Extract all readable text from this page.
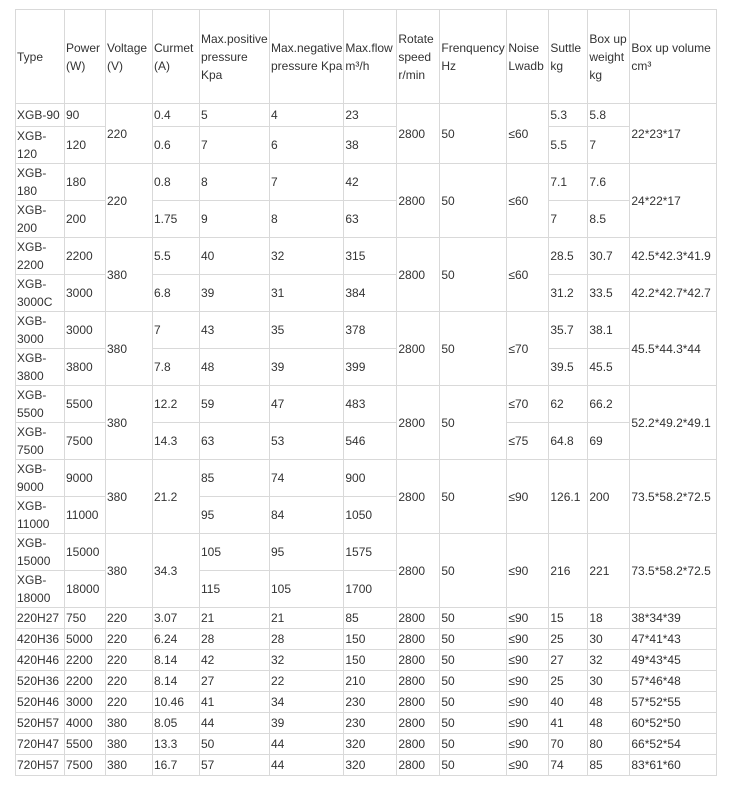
Type	Power (W)	Voltage (V)	Curmet (A)	Max.positive pressure Kpa	Max.negative pressure Kpa	Max.flow m³/h	Rotate speed r/min	Frenquency Hz	Noise Lwadb	Suttle kg	Box up weight kg	Box up volume cm³
XGB-90	90	220	0.4	5	4	23	2800	50	≤60	5.3	5.8	22*23*17
XGB-120	120		0.6	7	6	38				5.5	7	
XGB-180	180	220	0.8	8	7	42	2800	50	≤60	7.1	7.6	24*22*17
XGB-200	200		1.75	9	8	63				7	8.5	
XGB-2200	2200	380	5.5	40	32	315	2800	50	≤60	28.5	30.7	42.5*42.3*41.9
XGB-3000C	3000		6.8	39	31	384				31.2	33.5	42.2*42.7*42.7
XGB-3000	3000	380	7	43	35	378	2800	50	≤70	35.7	38.1	45.5*44.3*44
XGB-3800	3800		7.8	48	39	399				39.5	45.5	
XGB-5500	5500	380	12.2	59	47	483	2800	50	≤70	62	66.2	52.2*49.2*49.1
XGB-7500	7500		14.3	63	53	546			≤75	64.8	69	
XGB-9000	9000	380	21.2	85	74	900	2800	50	≤90	126.1	200	73.5*58.2*72.5
XGB-11000	11000			95	84	1050						
XGB-15000	15000	380	34.3	105	95	1575	2800	50	≤90	216	221	73.5*58.2*72.5
XGB-18000	18000			115	105	1700						
220H27	750	220	3.07	21	21	85	2800	50	≤90	15	18	38*34*39
420H36	5000	220	6.24	28	28	150	2800	50	≤90	25	30	47*41*43
420H46	2200	220	8.14	42	32	150	2800	50	≤90	27	32	49*43*45
520H36	2200	220	8.14	27	22	210	2800	50	≤90	25	30	57*46*48
520H46	3000	220	10.46	41	34	230	2800	50	≤90	40	48	57*52*55
520H57	4000	380	8.05	44	39	230	2800	50	≤90	41	48	60*52*50
720H47	5500	380	13.3	50	44	320	2800	50	≤90	70	80	66*52*54
720H57	7500	380	16.7	57	44	320	2800	50	≤90	74	85	83*61*60
